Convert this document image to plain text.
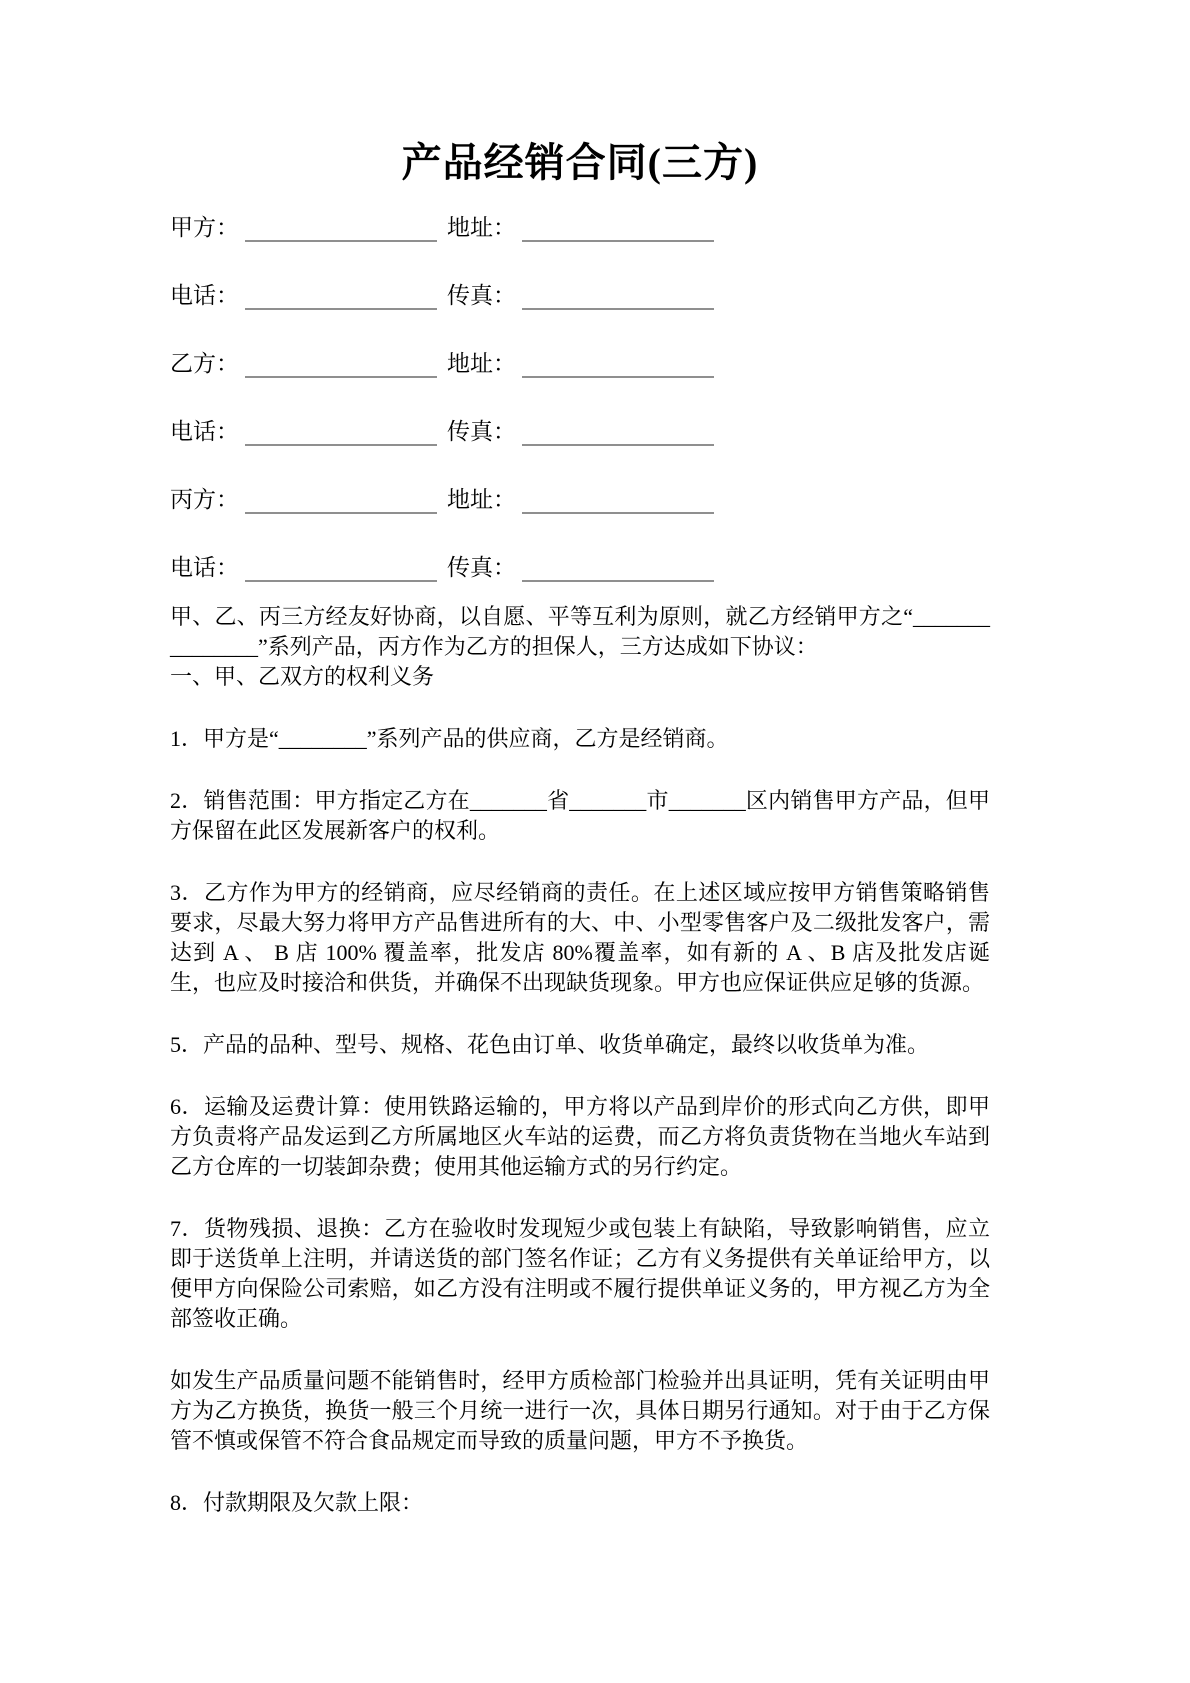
产品经销合同(三方)
甲方：	地址：
电话：	传真：
乙方：	地址：
电话：	传真：
丙方：	地址：
电话：	传真：

甲、乙、丙三方经友好协商，以自愿、平等互利为原则，就乙方经销甲方之“_______________”系列产品，丙方作为乙方的担保人，三方达成如下协议：

一、甲、乙双方的权利义务

1．甲方是“________”系列产品的供应商，乙方是经销商。

2．销售范围：甲方指定乙方在_______省_______市_______区内销售甲方产品，但甲方保留在此区发展新客户的权利。

3．乙方作为甲方的经销商，应尽经销商的责任。在上述区域应按甲方销售策略销售要求，尽最大努力将甲方产品售进所有的大、中、小型零售客户及二级批发客户，需达到 A 、 B 店 100% 覆盖率，批发店 80%覆盖率，如有新的 A 、B 店及批发店诞生，也应及时接洽和供货，并确保不出现缺货现象。甲方也应保证供应足够的货源。

5．产品的品种、型号、规格、花色由订单、收货单确定，最终以收货单为准。

6．运输及运费计算：使用铁路运输的，甲方将以产品到岸价的形式向乙方供，即甲方负责将产品发运到乙方所属地区火车站的运费，而乙方将负责货物在当地火车站到乙方仓库的一切装卸杂费；使用其他运输方式的另行约定。

7．货物残损、退换：乙方在验收时发现短少或包装上有缺陷，导致影响销售，应立即于送货单上注明，并请送货的部门签名作证；乙方有义务提供有关单证给甲方，以便甲方向保险公司索赔，如乙方没有注明或不履行提供单证义务的，甲方视乙方为全部签收正确。

如发生产品质量问题不能销售时，经甲方质检部门检验并出具证明，凭有关证明由甲方为乙方换货，换货一般三个月统一进行一次，具体日期另行通知。对于由于乙方保管不慎或保管不符合食品规定而导致的质量问题，甲方不予换货。

8．付款期限及欠款上限：
